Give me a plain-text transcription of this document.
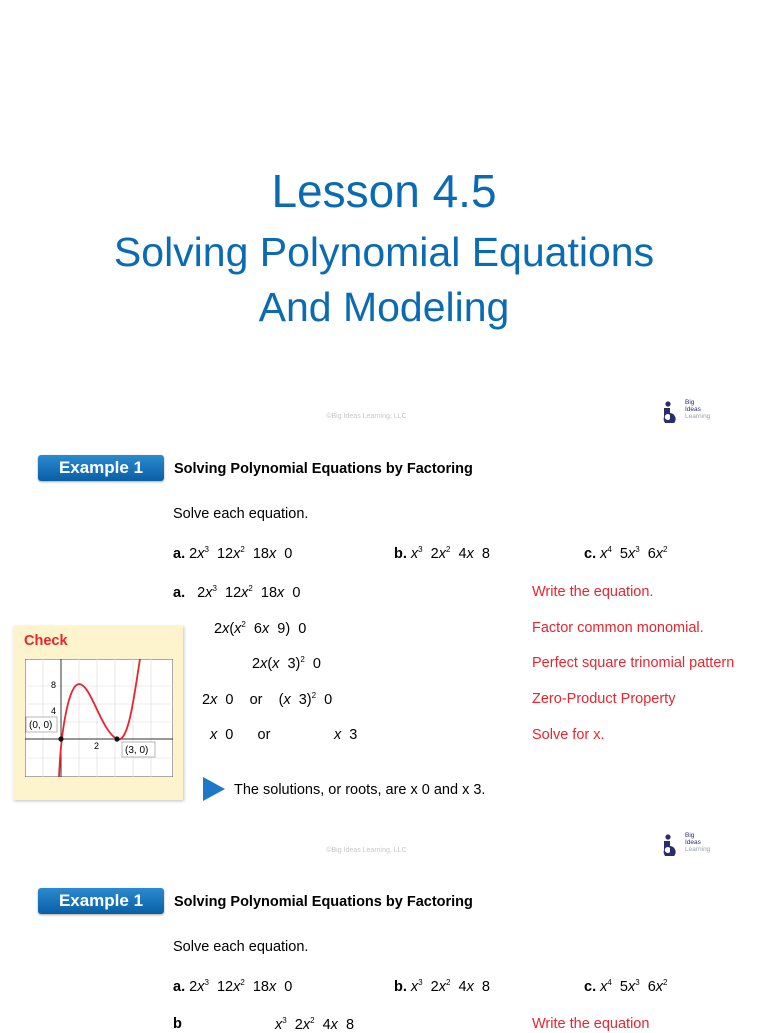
Lesson 4.5
Solving Polynomial Equations
And Modeling
©Big Ideas Learning, LLC
Big
Ideas
Learning
Example 1	Solving Polynomial Equations by Factoring
Solve each equation.
a. $2x^3$  $12x^2$  18x  0	b. $x^3$  $2x^2$  4x  8	c. $x^4$  $5x^3$  $6x^2$
a.   $2x^3$  $12x^2$  18x  0	Write the equation.
$2x(x^2$  6x  9)  0	Factor common monomial.
2x(x  3)$^2$  0	Perfect square trinomial pattern
2x  0    or    (x  3)$^2$  0	Zero-Product Property
x  0      or	x  3	Solve for x.
The solutions, or roots, are x 0 and x 3.
Check
8
4
2
(0, 0)
(3, 0)
©Big Ideas Learning, LLC
Big
Ideas
Learning
Example 1	Solving Polynomial Equations by Factoring
Solve each equation.
a. $2x^3$  $12x^2$  18x  0	b. $x^3$  $2x^2$  4x  8	c. $x^4$  $5x^3$  $6x^2$
b	$x^3$  $2x^2$  4x  8	Write the equation
